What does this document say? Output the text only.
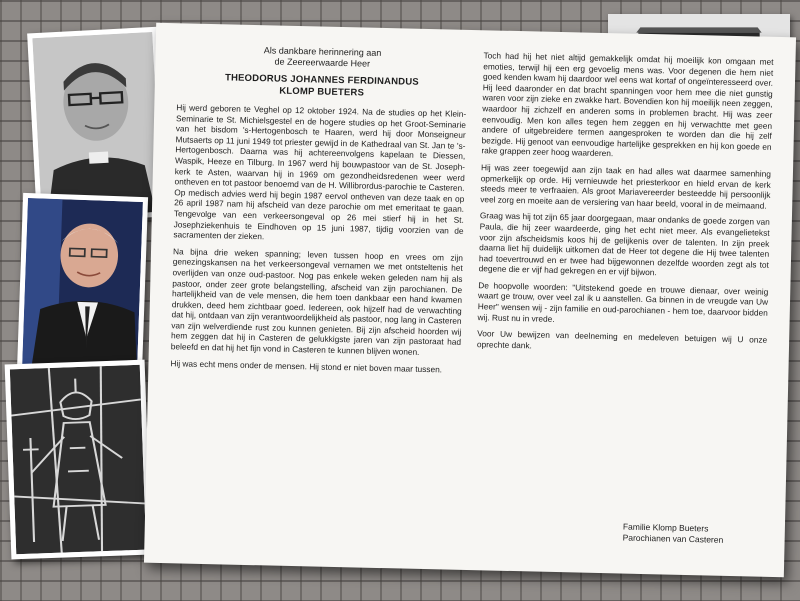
Als dankbare herinnering aan
de Zeereerwaarde Heer
THEODORUS JOHANNES FERDINANDUS
KLOMP BUETERS

Hij werd geboren te Veghel op 12 oktober 1924. Na de studies op het Klein-Seminarie te St. Michielsgestel en de hogere studies op het Groot-Seminarie van het bisdom 's-Hertogenbosch te Haaren, werd hij door Monseigneur Mutsaerts op 11 juni 1949 tot priester gewijd in de Kathedraal van St. Jan te 's-Hertogenbosch. Daarna was hij achtereenvolgens kapelaan te Diessen, Waspik, Heeze en Tilburg. In 1967 werd hij bouwpastoor van de St. Joseph-kerk te Asten, waarvan hij in 1969 om gezondheidsredenen weer werd ontheven en tot pastoor benoemd van de H. Willibrordus-parochie te Casteren. Op medisch advies werd hij begin 1987 eervol ontheven van deze taak en op 26 april 1987 nam hij afscheid van deze parochie om met emeritaat te gaan. Tengevolge van een verkeersongeval op 26 mei stierf hij in het St. Josephziekenhuis te Eindhoven op 15 juni 1987, tijdig voorzien van de sacramenten der zieken.

Na bijna drie weken spanning; leven tussen hoop en vrees om zijn genezingskansen na het verkeersongeval vernamen we met ontsteltenis het overlijden van onze oud-pastoor. Nog pas enkele weken geleden nam hij als pastoor, onder zeer grote belangstelling, afscheid van zijn parochianen. De hartelijkheid van de vele mensen, die hem toen dankbaar een hand kwamen drukken, deed hem zichtbaar goed. Iedereen, ook hijzelf had de verwachting dat hij, ontdaan van zijn verantwoordelijkheid als pastoor, nog lang in Casteren van zijn welverdiende rust zou kunnen genieten. Bij zijn afscheid hoorden wij hem zeggen dat hij in Casteren de gelukkigste jaren van zijn pastoraat had beleefd en dat hij het fijn vond in Casteren te kunnen blijven wonen.

Hij was echt mens onder de mensen. Hij stond er niet boven maar tussen.

Toch had hij het niet altijd gemakkelijk omdat hij moeilijk kon omgaan met emoties, terwijl hij een erg gevoelig mens was. Voor degenen die hem niet goed kenden kwam hij daardoor wel eens wat kortaf of ongeïnteresseerd over. Hij leed daaronder en dat bracht spanningen voor hem mee die niet gunstig waren voor zijn zieke en zwakke hart. Bovendien kon hij moeilijk neen zeggen, waardoor hij zichzelf en anderen soms in problemen bracht. Hij was zeer eenvoudig. Men kon alles tegen hem zeggen en hij verwachtte met geen andere of uitgebreidere termen aangesproken te worden dan die hij zelf bezigde. Hij genoot van eenvoudige hartelijke gesprekken en hij kon goede en rake grappen zeer hoog waarderen.

Hij was zeer toegewijd aan zijn taak en had alles wat daarmee samenhing opmerkelijk op orde. Hij vernieuwde het priesterkoor en hield ervan de kerk steeds meer te verfraaien. Als groot Mariavereerder besteedde hij persoonlijk veel zorg en moeite aan de versiering van haar beeld, vooral in de meimaand.

Graag was hij tot zijn 65 jaar doorgegaan, maar ondanks de goede zorgen van Paula, die hij zeer waardeerde, ging het echt niet meer. Als evangelietekst voor zijn afscheidsmis koos hij de gelijkenis over de talenten. In zijn preek daarna liet hij duidelijk uitkomen dat de Heer tot degene die Hij twee talenten had toevertrouwd en er twee had bijgewonnen dezelfde woorden zegt als tot degene die er vijf had gekregen en er vijf bijwon.

De hoopvolle woorden: "Uitstekend goede en trouwe dienaar, over weinig waart ge trouw, over veel zal ik u aanstellen. Ga binnen in de vreugde van Uw Heer" wensen wij - zijn familie en oud-parochianen - hem toe, daarvoor bidden wij. Rust nu in vrede.

Voor Uw bewijzen van deelneming en medeleven betuigen wij U onze oprechte dank.

Familie Klomp Bueters
Parochianen van Casteren
